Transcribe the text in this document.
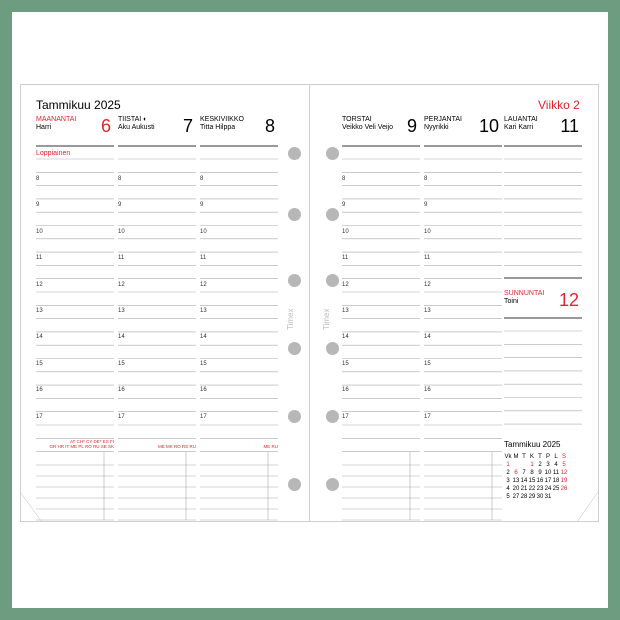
Tammikuu 2025	Viikko 2
MAANANTAI
Harri	6
Loppiainen
TIISTAI ◐
Aku Aukusti	7 KESKIVIIKKO
Titta Hilppa	8	TORSTAI
Veikko Veli Veijo 9 PERJANTAI
Nyyrikki	10 LAUANTAI
Kari Karri	11
SUNNUNTAI
Toini	12
AT CH* CY DE* ES FI
GR HR IT ME PL RO RU SE SK	ME MK RO RS RU	ME RU
Timex	Timex
Tammikuu 2025
Vk	M	T	K	T	P	L	S
1			1	2	3	4	5
2	6	7	8	9	10	11	12
3	13	14	15	16	17	18	19
4	20	21	22	23	24	25	26
5	27	28	29	30	31		
8
9
10
11
12
13
14
15
16
17
8
9
10
11
12
13
14
15
16
17
8
9
10
11
12
13
14
15
16
17
8
9
10
11
12
13
14
15
16
17
8
9
10
11
12
13
14
15
16
17
